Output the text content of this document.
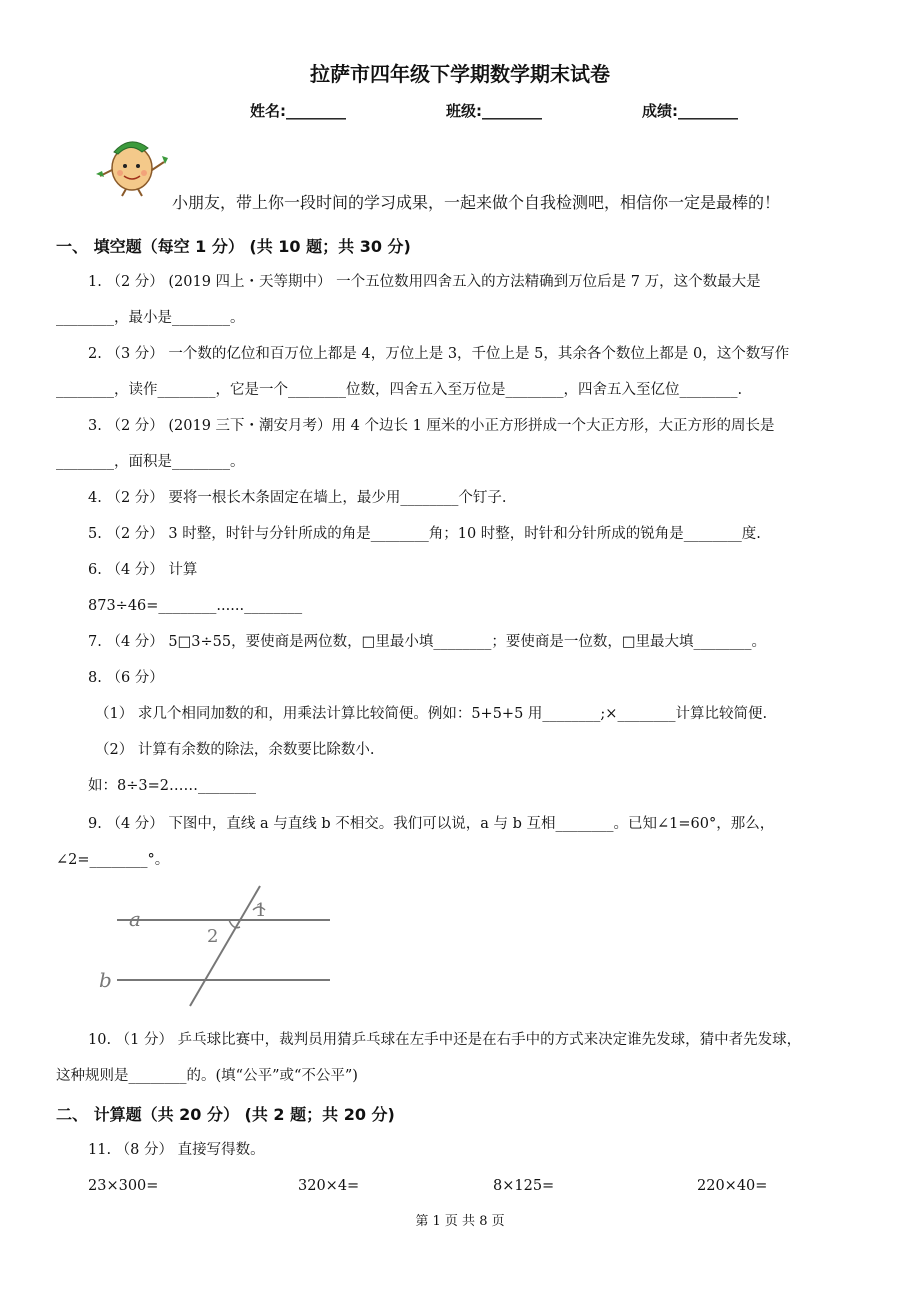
拉萨市四年级下学期数学期末试卷
姓名:________	班级:________	成绩:________
小朋友，带上你一段时间的学习成果，一起来做个自我检测吧，相信你一定是最棒的！
一、 填空题（每空 1 分） (共 10 题；共 30 分)
1. （2 分） (2019 四上・天等期中） 一个五位数用四舍五入的方法精确到万位后是 7 万，这个数最大是
________，最小是________。
2. （3 分） 一个数的亿位和百万位上都是 4，万位上是 3，千位上是 5，其余各个数位上都是 0，这个数写作
________，读作________，它是一个________位数，四舍五入至万位是________，四舍五入至亿位________.
3. （2 分） (2019 三下・潮安月考）用 4 个边长 1 厘米的小正方形拼成一个大正方形，大正方形的周长是
________，面积是________。
4. （2 分） 要将一根长木条固定在墙上，最少用________个钉子.
5. （2 分） 3 时整，时针与分针所成的角是________角；10 时整，时针和分针所成的锐角是________度.
6. （4 分） 计算
873÷46=________......________
7. （4 分） 5□3÷55，要使商是两位数，□里最小填________；要使商是一位数，□里最大填________。
8. （6 分）
（1） 求几个相同加数的和，用乘法计算比较简便。例如：5+5+5 用________;×________计算比较简便.
（2） 计算有余数的除法，余数要比除数小.
如：8÷3=2……________
9. （4 分） 下图中，直线 a 与直线 b 不相交。我们可以说，a 与 b 互相________。已知∠1=60°，那么，
∠2=________°。
a
b
1
2
10. （1 分） 乒乓球比赛中，裁判员用猜乒乓球在左手中还是在右手中的方式来决定谁先发球，猜中者先发球，
这种规则是________的。(填“公平”或“不公平”)
二、 计算题（共 20 分） (共 2 题；共 20 分)
11. （8 分） 直接写得数。
23×300=	320×4=	8×125=	220×40=
第 1 页 共 8 页
